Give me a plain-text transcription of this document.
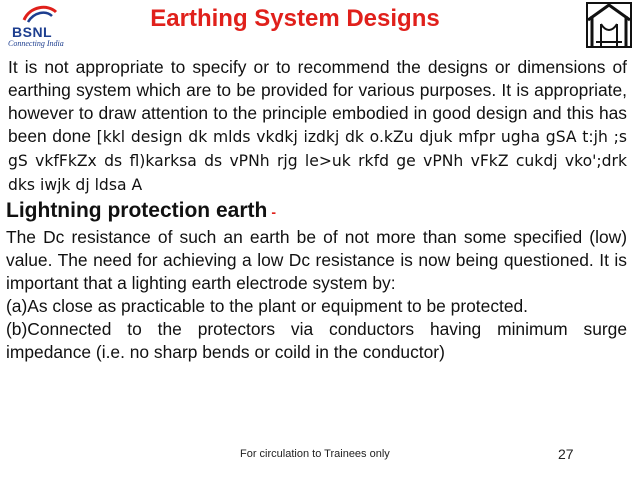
BSNL
Connecting India
Earthing System Designs

It is not appropriate to specify or to recommend the designs or dimensions of earthing system which are to be provided for various purposes. It is appropriate, however to draw attention to the principle embodied in good design and this has been done [kkl design dk mlds vkdkj izdkj dk o.kZu djuk mfpr ugha gSA t:jh ;s gS vkfFkZx ds fl)karksa ds vPNh rjg le>uk rkfd ge vPNh vFkZ cukdj vko';drk dks iwjk dj ldsa A

Lightning protection earth -

The Dc resistance of such an earth be of not more than some specified (low) value. The need for achieving a low Dc resistance is now being questioned. It is important that a lighting earth electrode system by:

(a)As close as practicable to the plant or equipment to be protected.

(b)Connected to the protectors via conductors having minimum surge impedance (i.e. no sharp bends or coild in the conductor)

For circulation to Trainees only	27
